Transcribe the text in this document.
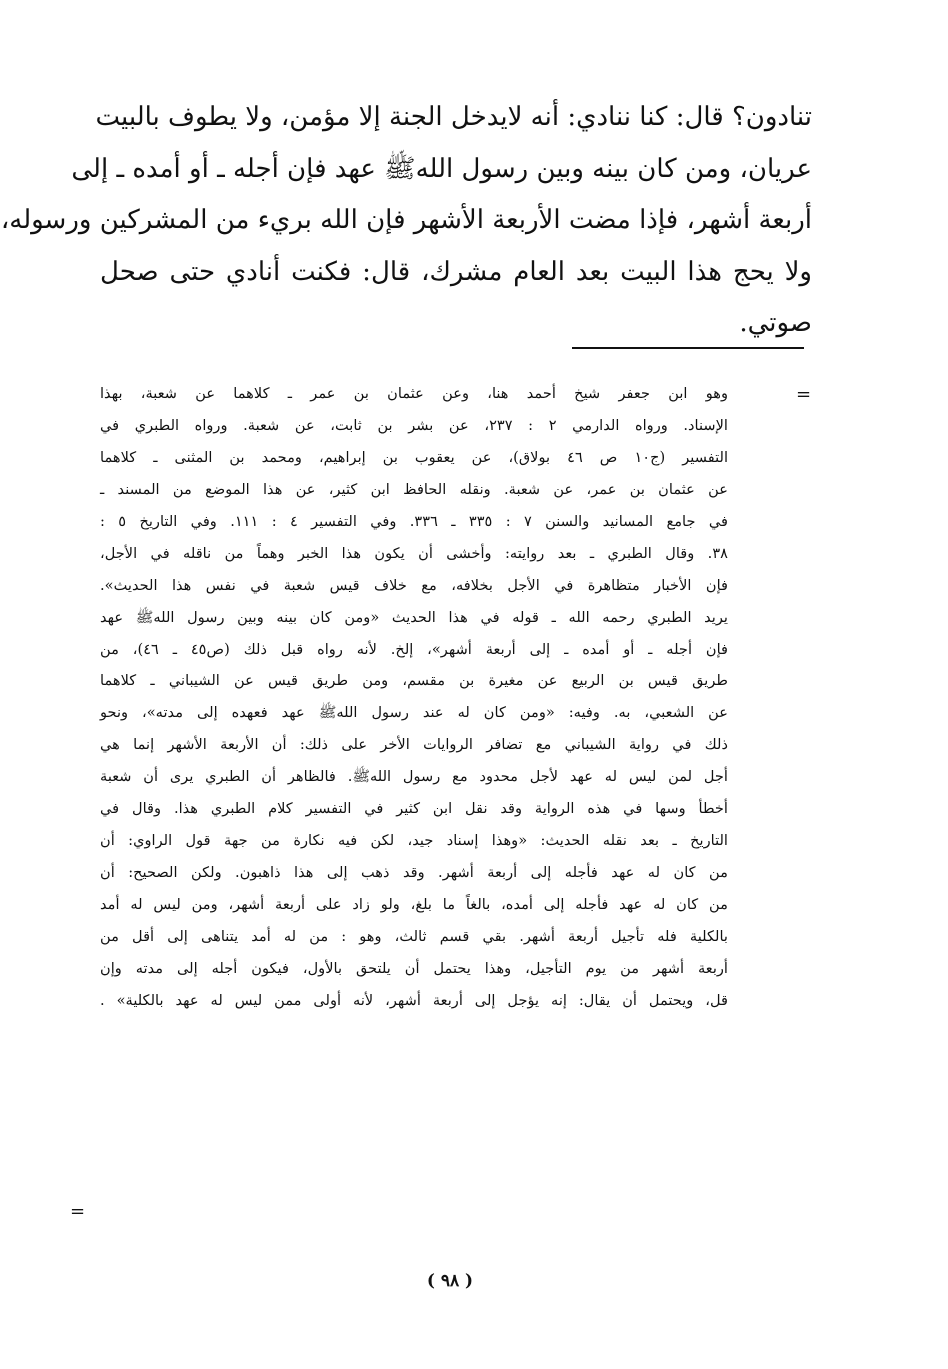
تنادون؟ قال: كنا ننادي: أنه لايدخل الجنة إلا مؤمن، ولا يطوف بالبيت
عريان، ومن كان بينه وبين رسول اللهﷺ عهد فإن أجله ـ أو أمده ـ إلى
أربعة أشهر، فإذا مضت الأربعة الأشهر فإن الله بريء من المشركين ورسوله،
ولا يحج هذا البيت بعد العام مشرك، قال: فكنت أنادي حتى صحل
صوتي.
=
وهو ابن جعفر شيخ أحمد هنا، وعن عثمان بن عمر ـ كلاهما عن شعبة، بهذا
الإسناد. ورواه الدارمي ٢ : ٢٣٧، عن بشر بن ثابت، عن شعبة. ورواه الطبري في
التفسير (ج١٠ ص ٤٦ بولاق)، عن يعقوب بن إبراهيم، ومحمد بن المثنى ـ كلاهما
عن عثمان بن عمر، عن شعبة. ونقله الحافظ ابن كثير، عن هذا الموضع من المسند ـ
في جامع المسانيد والسنن ٧ : ٣٣٥ ـ ٣٣٦. وفي التفسير ٤ : ١١١. وفي التاريخ ٥ :
٣٨. وقال الطبري ـ بعد روايته: وأخشى أن يكون هذا الخبر وهماً من ناقله في الأجل،
فإن الأخبار متظاهرة في الأجل بخلافه، مع خلاف قيس شعبة في نفس هذا الحديث».
يريد الطبري رحمه الله ـ قوله في هذا الحديث «ومن كان بينه وبين رسول اللهﷺ عهد
فإن أجله ـ أو أمده ـ إلى أربعة أشهر»، إلخ. لأنه رواه قبل ذلك (ص٤٥ ـ ٤٦)، من
طريق قيس بن الربيع عن مغيرة بن مقسم، ومن طريق قيس عن الشيباني ـ كلاهما
عن الشعبي، به. وفيه: «ومن كان له عند رسول اللهﷺ عهد فعهده إلى مدته»، ونحو
ذلك في رواية الشيباني مع تضافر الروايات الأخر على ذلك: أن الأربعة الأشهر إنما هي
أجل لمن ليس له عهد لأجل محدود مع رسول اللهﷺ. فالظاهر أن الطبري يرى أن شعبة
أخطأ وسها في هذه الرواية وقد نقل ابن كثير في التفسير كلام الطبري هذا. وقال في
التاريخ ـ بعد نقله الحديث: «وهذا إسناد جيد، لكن فيه نكارة من جهة قول الراوي: أن
من كان له عهد فأجله إلى أربعة أشهر. وقد ذهب إلى هذا ذاهبون. ولكن الصحيح: أن
من كان له عهد فأجله إلى أمده، بالغاً ما بلغ، ولو زاد على أربعة أشهر، ومن ليس له أمد
بالكلية فله تأجيل أربعة أشهر. بقي قسم ثالث، وهو : من له أمد يتناهى إلى أقل من
أربعة أشهر من يوم التأجيل، وهذا يحتمل أن يلتحق بالأول، فيكون أجله إلى مدته وإن
قل، ويحتمل أن يقال: إنه يؤجل إلى أربعة أشهر، لأنه أولى ممن ليس له عهد بالكلية» .
=
( ٩٨ )
